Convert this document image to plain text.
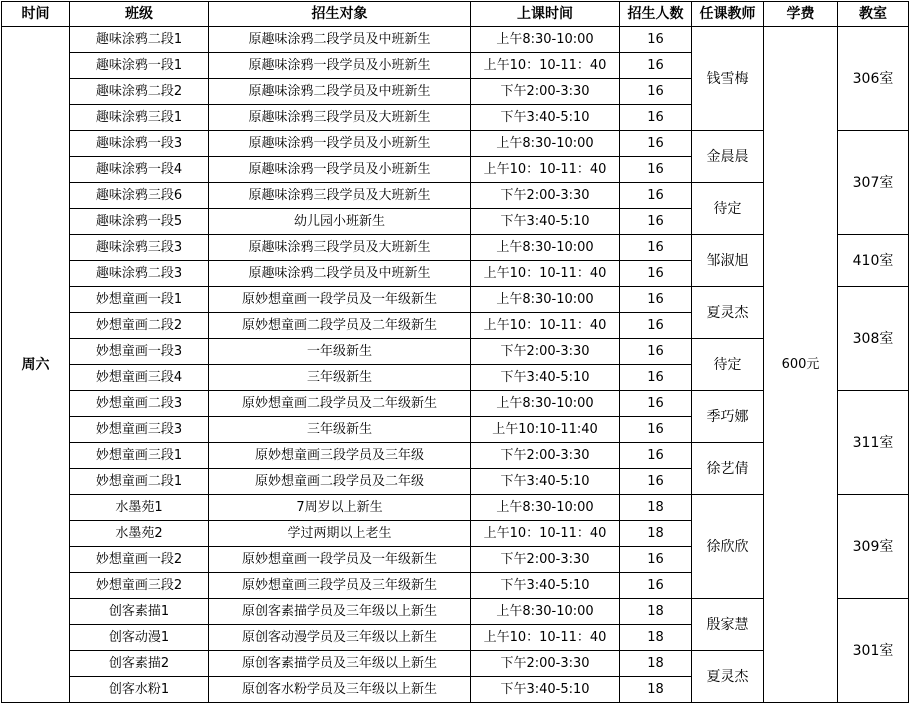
时间	班级	招生对象	上课时间	招生人数	任课教师	学费	教室
周六	趣味涂鸦二段1	原趣味涂鸦二段学员及中班新生	上午8:30-10:00	16	钱雪梅	600元	306室
	趣味涂鸦一段1	原趣味涂鸦一段学员及小班新生	上午10：10-11：40	16			
	趣味涂鸦二段2	原趣味涂鸦二段学员及中班新生	下午2:00-3:30	16			
	趣味涂鸦三段1	原趣味涂鸦三段学员及大班新生	下午3:40-5:10	16			
	趣味涂鸦一段3	原趣味涂鸦一段学员及小班新生	上午8:30-10:00	16	金晨晨		307室
	趣味涂鸦一段4	原趣味涂鸦一段学员及小班新生	上午10：10-11：40	16			
	趣味涂鸦三段6	原趣味涂鸦三段学员及大班新生	下午2:00-3:30	16	待定		
	趣味涂鸦一段5	幼儿园小班新生	下午3:40-5:10	16			
	趣味涂鸦三段3	原趣味涂鸦三段学员及大班新生	上午8:30-10:00	16	邹淑旭		410室
	趣味涂鸦二段3	原趣味涂鸦二段学员及中班新生	上午10：10-11：40	16			
	妙想童画一段1	原妙想童画一段学员及一年级新生	上午8:30-10:00	16	夏灵杰		308室
	妙想童画二段2	原妙想童画二段学员及二年级新生	上午10：10-11：40	16			
	妙想童画一段3	一年级新生	下午2:00-3:30	16	待定		
	妙想童画三段4	三年级新生	下午3:40-5:10	16			
	妙想童画二段3	原妙想童画二段学员及二年级新生	上午8:30-10:00	16	季巧娜		311室
	妙想童画三段3	三年级新生	上午10:10-11:40	16			
	妙想童画三段1	原妙想童画三段学员及三年级	下午2:00-3:30	16	徐艺倩		
	妙想童画二段1	原妙想童画二段学员及二年级	下午3:40-5:10	16			
	水墨苑1	7周岁以上新生	上午8:30-10:00	18	徐欣欣		309室
	水墨苑2	学过两期以上老生	上午10：10-11：40	18			
	妙想童画一段2	原妙想童画一段学员及一年级新生	下午2:00-3:30	16			
	妙想童画三段2	原妙想童画三段学员及三年级新生	下午3:40-5:10	16			
	创客素描1	原创客素描学员及三年级以上新生	上午8:30-10:00	18	殷家慧		301室
	创客动漫1	原创客动漫学员及三年级以上新生	上午10：10-11：40	18			
	创客素描2	原创客素描学员及三年级以上新生	下午2:00-3:30	18	夏灵杰		
	创客水粉1	原创客水粉学员及三年级以上新生	下午3:40-5:10	18			
